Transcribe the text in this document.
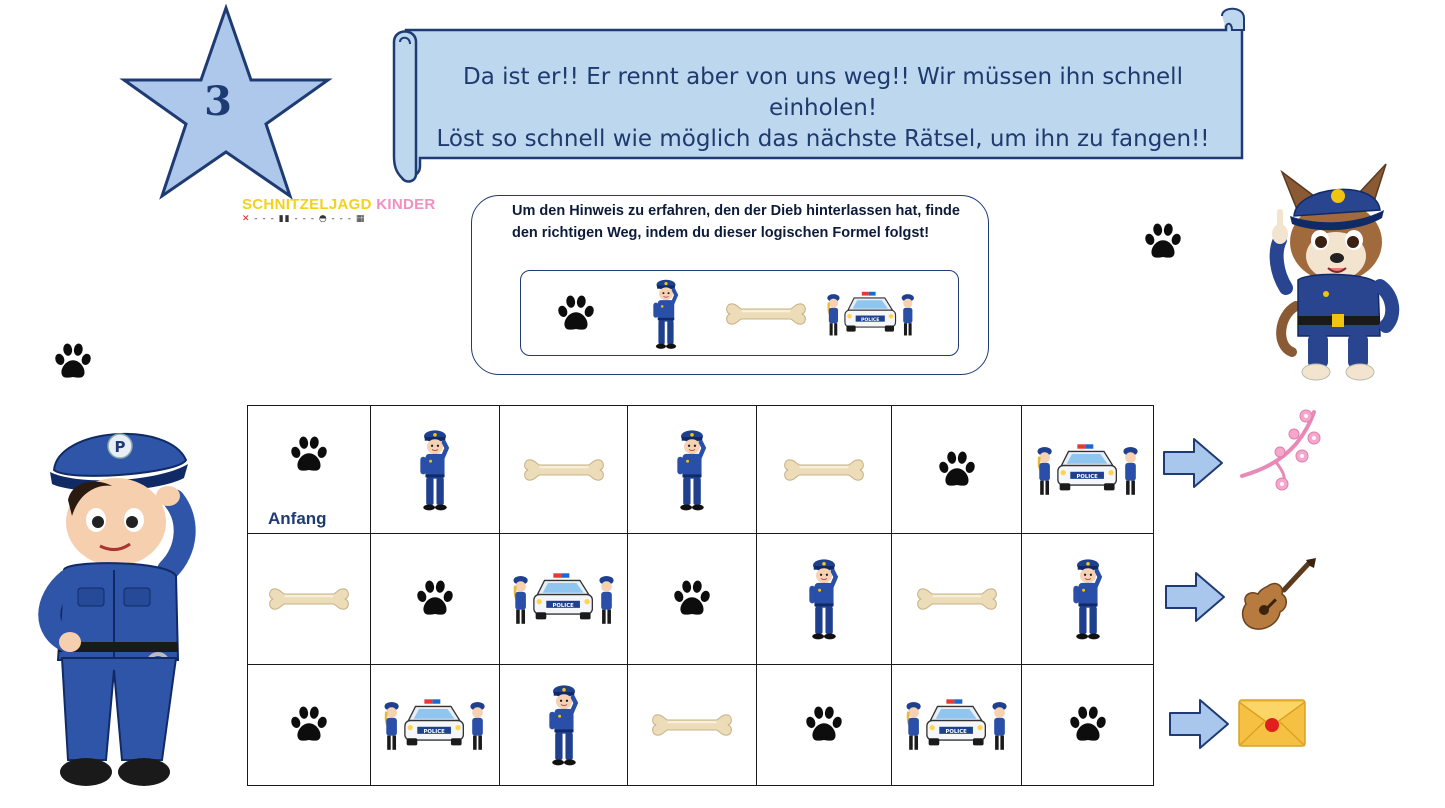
3
SCHNITZELJAGD KINDER
✕ - - - ▮▮ - - - ◓ - - - ▦
Da ist er!! Er rennt aber von uns weg!! Wir müssen ihn schnell einholen!
Löst so schnell wie möglich das nächste Rätsel, um ihn zu fangen!!
Um den Hinweis zu erfahren, den der Dieb hinterlassen hat, finde den richtigen Weg, indem du dieser logischen Formel folgst!
Anfang

P
